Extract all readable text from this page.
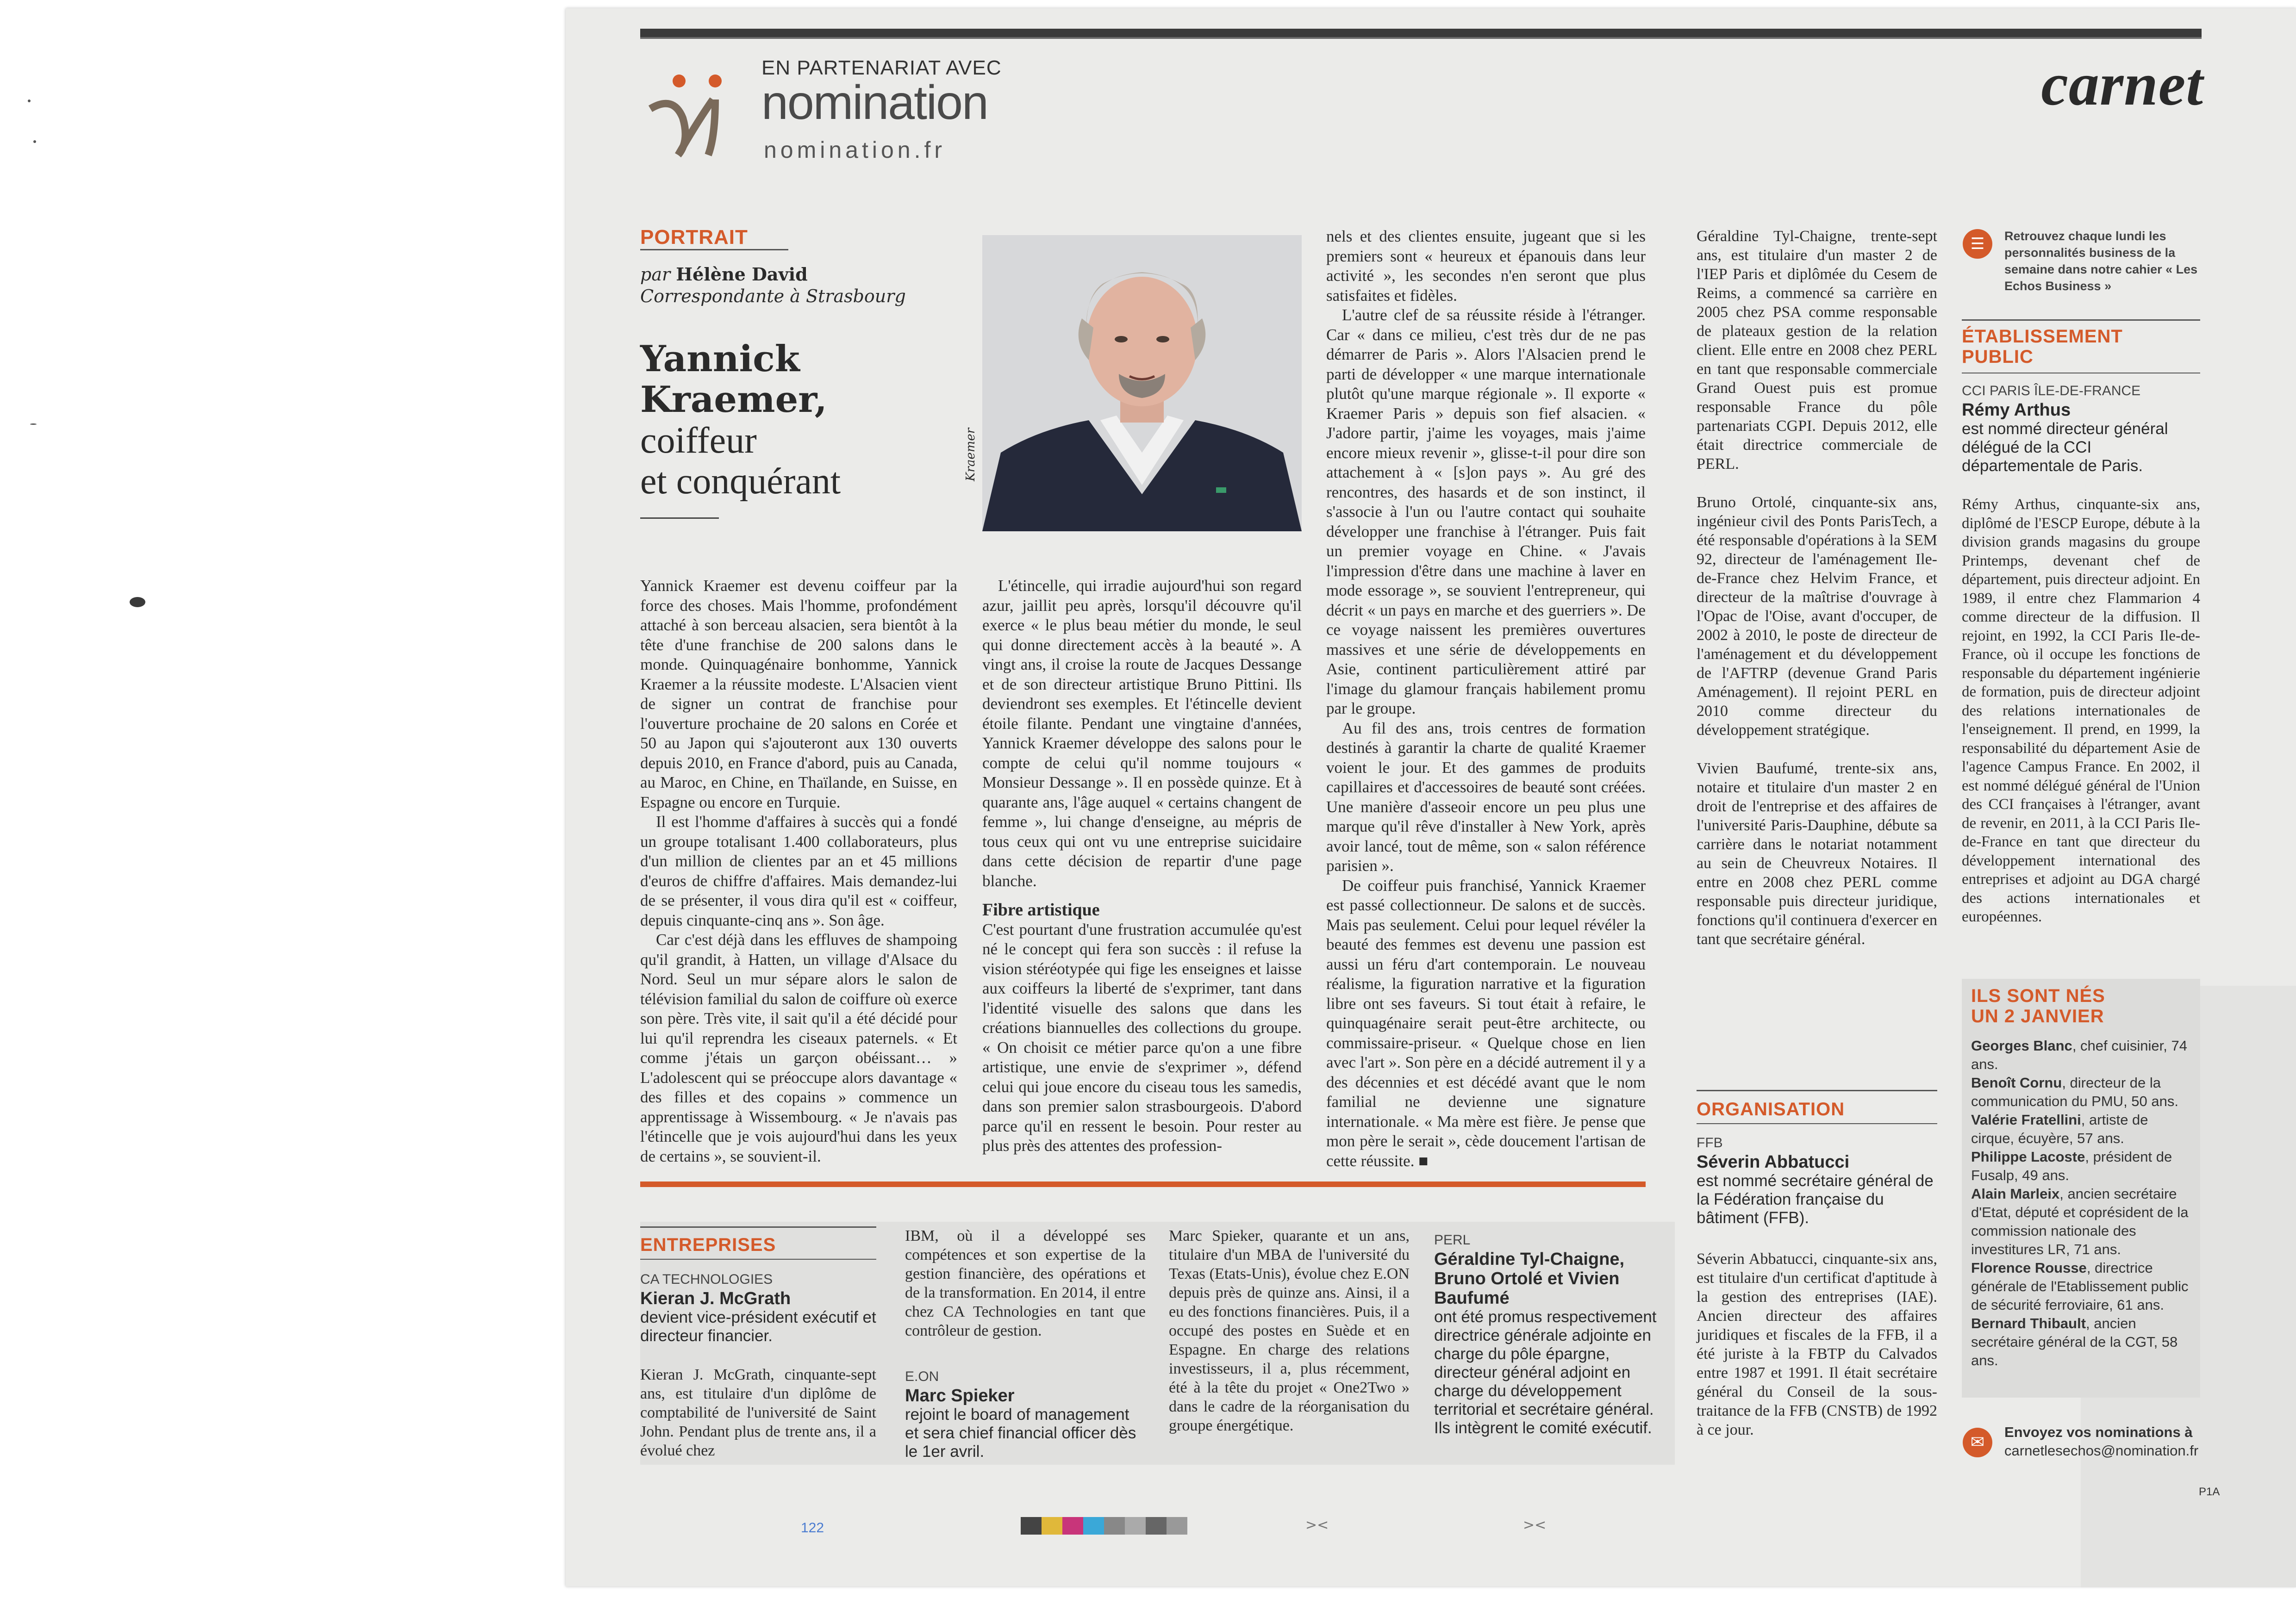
EN PARTENARIAT AVEC
nomination
nomination.fr
carnet
PORTRAIT
par Hélène David
Correspondante à Strasbourg
Yannick Kraemer,
coiffeur
et conquérant	Kraemer

Yannick Kraemer est devenu coiffeur par la force des choses. Mais l'homme, profondément attaché à son berceau alsacien, sera bientôt à la tête d'une franchise de 200 salons dans le monde. Quinquagénaire bonhomme, Yannick Kraemer a la réussite modeste. L'Alsacien vient de signer un contrat de franchise pour l'ouverture prochaine de 20 salons en Corée et 50 au Japon qui s'ajouteront aux 130 ouverts depuis 2010, en France d'abord, puis au Canada, au Maroc, en Chine, en Thaïlande, en Suisse, en Espagne ou encore en Turquie.

Il est l'homme d'affaires à succès qui a fondé un groupe totalisant 1.400 collaborateurs, plus d'un million de clientes par an et 45 millions d'euros de chiffre d'affaires. Mais demandez-lui de se présenter, il vous dira qu'il est « coiffeur, depuis cinquante-cinq ans ». Son âge.

Car c'est déjà dans les effluves de shampoing qu'il grandit, à Hatten, un village d'Alsace du Nord. Seul un mur sépare alors le salon de télévision familial du salon de coiffure où exerce son père. Très vite, il sait qu'il a été décidé pour lui qu'il reprendra les ciseaux paternels. « Et comme j'étais un garçon obéissant… » L'adolescent qui se préoccupe alors davantage « des filles et des copains » commence un apprentissage à Wissembourg. « Je n'avais pas l'étincelle que je vois aujourd'hui dans les yeux de certains », se souvient-il.

L'étincelle, qui irradie aujourd'hui son regard azur, jaillit peu après, lorsqu'il découvre qu'il exerce « le plus beau métier du monde, le seul qui donne directement accès à la beauté ». A vingt ans, il croise la route de Jacques Dessange et de son directeur artistique Bruno Pittini. Ils deviendront ses exemples. Et l'étincelle devient étoile filante. Pendant une vingtaine d'années, Yannick Kraemer développe des salons pour le compte de celui qu'il nomme toujours « Monsieur Dessange ». Il en possède quinze. Et à quarante ans, l'âge auquel « certains changent de femme », lui change d'enseigne, au mépris de tous ceux qui ont vu une entreprise suicidaire dans cette décision de repartir d'une page blanche.

Fibre artistique

C'est pourtant d'une frustration accumulée qu'est né le concept qui fera son succès : il refuse la vision stéréotypée qui fige les enseignes et laisse aux coiffeurs la liberté de s'exprimer, tant dans l'identité visuelle des salons que dans les créations biannuelles des collections du groupe. « On choisit ce métier parce qu'on a une fibre artistique, une envie de s'exprimer », défend celui qui joue encore du ciseau tous les samedis, dans son premier salon strasbourgeois. D'abord parce qu'il en ressent le besoin. Pour rester au plus près des attentes des profession-

nels et des clientes ensuite, jugeant que si les premiers sont « heureux et épanouis dans leur activité », les secondes n'en seront que plus satisfaites et fidèles.

L'autre clef de sa réussite réside à l'étranger. Car « dans ce milieu, c'est très dur de ne pas démarrer de Paris ». Alors l'Alsacien prend le parti de développer « une marque internationale plutôt qu'une marque régionale ». Il exporte « Kraemer Paris » depuis son fief alsacien. « J'adore partir, j'aime les voyages, mais j'aime encore mieux revenir », glisse-t-il pour dire son attachement à « [s]on pays ». Au gré des rencontres, des hasards et de son instinct, il s'associe à l'un ou l'autre contact qui souhaite développer une franchise à l'étranger. Puis fait un premier voyage en Chine. « J'avais l'impression d'être dans une machine à laver en mode essorage », se souvient l'entrepreneur, qui décrit « un pays en marche et des guerriers ». De ce voyage naissent les premières ouvertures massives et une série de développements en Asie, continent particulièrement attiré par l'image du glamour français habilement promu par le groupe.

Au fil des ans, trois centres de formation destinés à garantir la charte de qualité Kraemer voient le jour. Et des gammes de produits capillaires et d'accessoires de beauté sont créées. Une manière d'asseoir encore un peu plus une marque qu'il rêve d'installer à New York, après avoir lancé, tout de même, son « salon référence parisien ».

De coiffeur puis franchisé, Yannick Kraemer est passé collectionneur. De salons et de succès. Mais pas seulement. Celui pour lequel révéler la beauté des femmes est devenu une passion est aussi un féru d'art contemporain. Le nouveau réalisme, la figuration narrative et la figuration libre ont ses faveurs. Si tout était à refaire, le quinquagénaire serait peut-être architecte, ou commissaire-priseur. « Quelque chose en lien avec l'art ». Son père en a décidé autrement il y a des décennies et est décédé avant que le nom familial ne devienne une signature internationale. « Ma mère est fière. Je pense que mon père le serait », cède doucement l'artisan de cette réussite. ■

Géraldine Tyl-Chaigne, trente-sept ans, est titulaire d'un master 2 de l'IEP Paris et diplômée du Cesem de Reims, a commencé sa carrière en 2005 chez PSA comme responsable de plateaux gestion de la relation client. Elle entre en 2008 chez PERL en tant que responsable commerciale Grand Ouest puis est promue responsable France du pôle partenariats CGPI. Depuis 2012, elle était directrice commerciale de PERL.

Bruno Ortolé, cinquante-six ans, ingénieur civil des Ponts ParisTech, a été responsable d'opérations à la SEM 92, directeur de l'aménagement Ile-de-France chez Helvim France, et directeur de la maîtrise d'ouvrage à l'Opac de l'Oise, avant d'occuper, de 2002 à 2010, le poste de directeur de l'aménagement et du développement de l'AFTRP (devenue Grand Paris Aménagement). Il rejoint PERL en 2010 comme directeur du développement stratégique.

Vivien Baufumé, trente-six ans, notaire et titulaire d'un master 2 en droit de l'entreprise et des affaires de l'université Paris-Dauphine, débute sa carrière dans le notariat notamment au sein de Cheuvreux Notaires. Il entre en 2008 chez PERL comme responsable puis directeur juridique, fonctions qu'il continuera d'exercer en tant que secrétaire général.

ORGANISATION
FFB
Séverin Abbatucci
est nommé secrétaire général de la Fédération française du bâtiment (FFB).

Séverin Abbatucci, cinquante-six ans, est titulaire d'un certificat d'aptitude à la gestion des entreprises (IAE). Ancien directeur des affaires juridiques et fiscales de la FFB, il a été juriste à la FBTP du Calvados entre 1987 et 1991. Il était secrétaire général du Conseil de la sous-traitance de la FFB (CNSTB) de 1992 à ce jour.

☰	Retrouvez chaque lundi les personnalités business de la semaine dans notre cahier « Les Echos Business »
ÉTABLISSEMENT
PUBLIC
CCI PARIS ÎLE-DE-FRANCE
Rémy Arthus
est nommé directeur général délégué de la CCI départementale de Paris.

Rémy Arthus, cinquante-six ans, diplômé de l'ESCP Europe, débute à la division grands magasins du groupe Printemps, devenant chef de département, puis directeur adjoint. En 1989, il entre chez Flammarion 4 comme directeur de la diffusion. Il rejoint, en 1992, la CCI Paris Ile-de-France, où il occupe les fonctions de responsable du département ingénierie de formation, puis de directeur adjoint des relations internationales de l'enseignement. Il prend, en 1999, la responsabilité du département Asie de l'agence Campus France. En 2002, il est nommé délégué général de l'Union des CCI françaises à l'étranger, avant de revenir, en 2011, à la CCI Paris Ile-de-France en tant que directeur du développement international des entreprises et adjoint au DGA chargé des actions internationales et européennes.

ILS SONT NÉS
UN 2 JANVIER
Georges Blanc, chef cuisinier, 74 ans.
Benoît Cornu, directeur de la communication du PMU, 50 ans.
Valérie Fratellini, artiste de cirque, écuyère, 57 ans.
Philippe Lacoste, président de Fusalp, 49 ans.
Alain Marleix, ancien secrétaire d'Etat, député et coprésident de la commission nationale des investitures LR, 71 ans.
Florence Rousse, directrice générale de l'Etablissement public de sécurité ferroviaire, 61 ans.
Bernard Thibault, ancien secrétaire général de la CGT, 58 ans.
✉
Envoyez vos nominations à
carnetlesechos@nomination.fr
ENTREPRISES
CA TECHNOLOGIES
Kieran J. McGrath
devient vice-président exécutif et directeur financier.

Kieran J. McGrath, cinquante-sept ans, est titulaire d'un diplôme de comptabilité de l'université de Saint John. Pendant plus de trente ans, il a évolué chez

IBM, où il a développé ses compétences et son expertise de la gestion financière, des opérations et de la transformation. En 2014, il entre chez CA Technologies en tant que contrôleur de gestion.

E.ON
Marc Spieker
rejoint le board of management et sera chief financial officer dès le 1er avril.

Marc Spieker, quarante et un ans, titulaire d'un MBA de l'université du Texas (Etats-Unis), évolue chez E.ON depuis près de quinze ans. Ainsi, il a eu des fonctions financières. Puis, il a occupé des postes en Suède et en Espagne. En charge des relations investisseurs, il a, plus récemment, été à la tête du projet « One2Two » dans le cadre de la réorganisation du groupe énergétique.

PERL
Géraldine Tyl-Chaigne, Bruno Ortolé et Vivien Baufumé
ont été promus respectivement directrice générale adjointe en charge du pôle épargne, directeur général adjoint en charge du développement territorial et secrétaire général. Ils intègrent le comité exécutif.
P1A
122	><	><
